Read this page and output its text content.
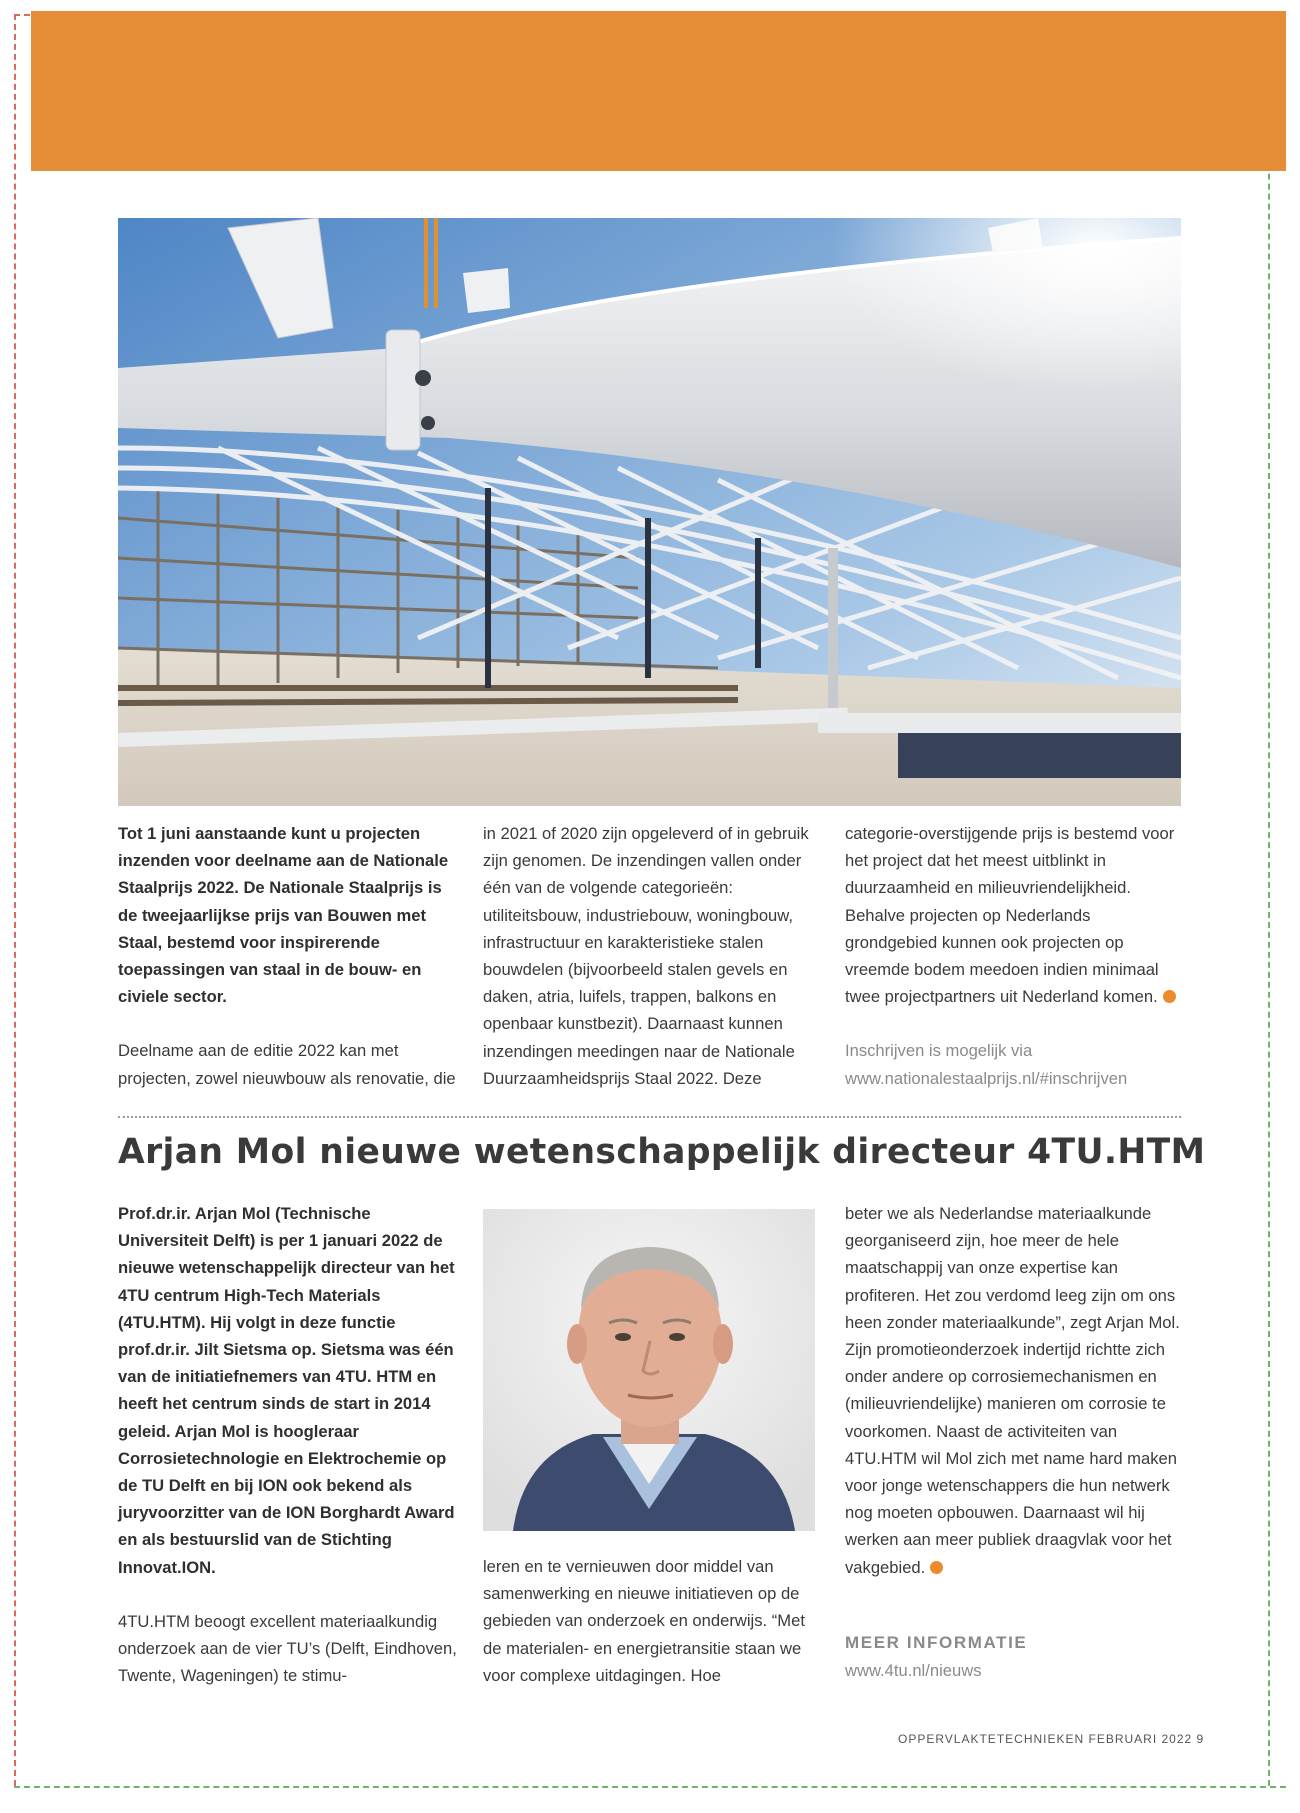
Tot 1 juni aanstaande kunt u projecten inzenden voor deelname aan de Nationale Staalprijs 2022. De Nationale Staalprijs is de tweejaarlijkse prijs van Bouwen met Staal, bestemd voor inspirerende toepassingen van staal in de bouw- en civiele sector.

Deelname aan de editie 2022 kan met projecten, zowel nieuwbouw als renovatie, die

in 2021 of 2020 zijn opgeleverd of in gebruik zijn genomen. De inzendingen vallen onder één van de volgende categorieën: utiliteitsbouw, industriebouw, woningbouw, infrastructuur en karakteristieke stalen bouwdelen (bijvoorbeeld stalen gevels en daken, atria, luifels, trappen, balkons en openbaar kunstbezit). Daarnaast kunnen inzendingen meedingen naar de Nationale Duurzaamheidsprijs Staal 2022. Deze

categorie-overstijgende prijs is bestemd voor het project dat het meest uitblinkt in duurzaamheid en milieuvriendelijkheid. Behalve projecten op Nederlands grondgebied kunnen ook projecten op vreemde bodem meedoen indien minimaal twee projectpartners uit Nederland komen.

Inschrijven is mogelijk via

www.nationalestaalprijs.nl/#inschrijven

Arjan Mol nieuwe wetenschappelijk directeur 4TU.HTM

Prof.dr.ir. Arjan Mol (Technische Universiteit Delft) is per 1 januari 2022 de nieuwe wetenschappelijk directeur van het 4TU centrum High-Tech Materials (4TU.HTM). Hij volgt in deze functie prof.dr.ir. Jilt Sietsma op. Sietsma was één van de initiatiefnemers van 4TU. HTM en heeft het centrum sinds de start in 2014 geleid. Arjan Mol is hoogleraar Corrosietechnologie en Elektrochemie op de TU Delft en bij ION ook bekend als juryvoorzitter van de ION Borghardt Award en als bestuurslid van de Stichting Innovat.ION.

4TU.HTM beoogt excellent materiaalkundig onderzoek aan de vier TU’s (Delft, Eindhoven, Twente, Wageningen) te stimu-

leren en te vernieuwen door middel van samenwerking en nieuwe initiatieven op de gebieden van onderzoek en onderwijs. “Met de materialen- en energietransitie staan we voor complexe uitdagingen. Hoe

beter we als Nederlandse materiaalkunde georganiseerd zijn, hoe meer de hele maatschappij van onze expertise kan profiteren. Het zou verdomd leeg zijn om ons heen zonder materiaalkunde”, zegt Arjan Mol. Zijn promotieonderzoek indertijd richtte zich onder andere op corrosiemechanismen en (milieuvriendelijke) manieren om corrosie te voorkomen. Naast de activiteiten van 4TU.HTM wil Mol zich met name hard maken voor jonge wetenschappers die hun netwerk nog moeten opbouwen. Daarnaast wil hij werken aan meer publiek draagvlak voor het vakgebied.

MEER INFORMATIE
www.4tu.nl/nieuws
OPPERVLAKTETECHNIEKEN FEBRUARI 2022 9
